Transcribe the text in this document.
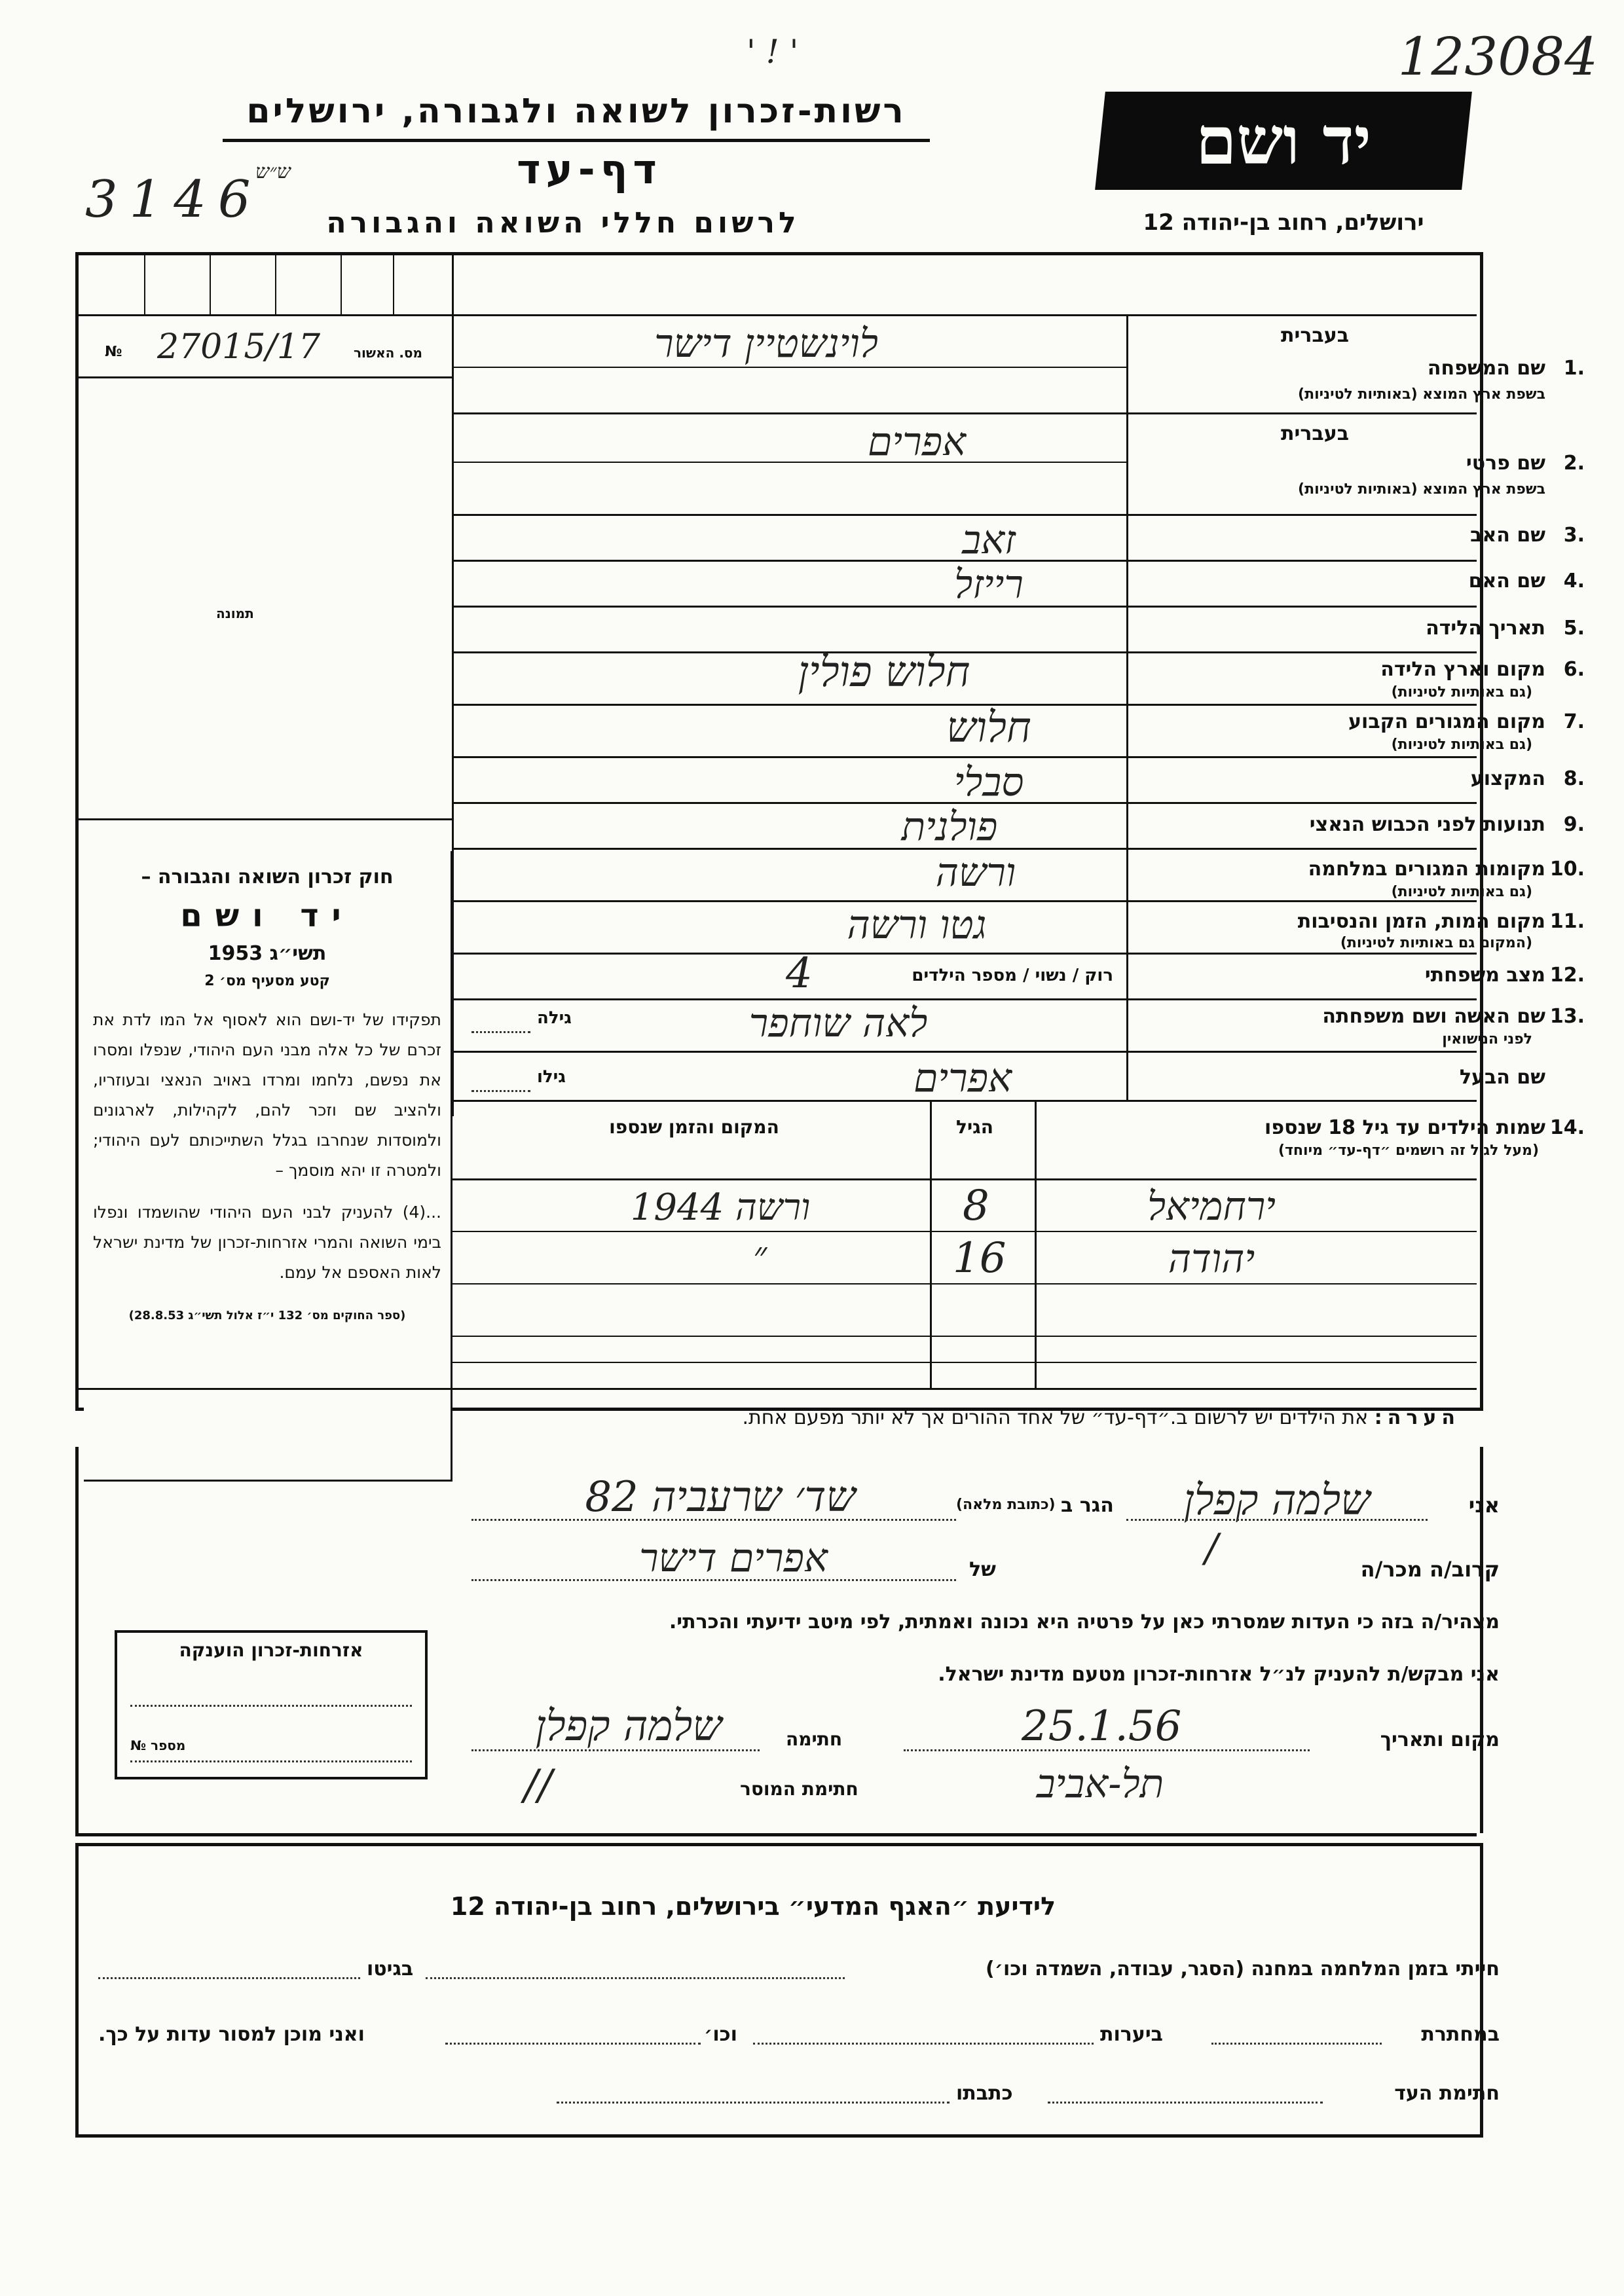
123084
' ! '
3146
ש״ש
רשות-זכרון לשואה ולגבורה, ירושלים	יד ושם
דף-עד
לרשום חללי השואה והגבורה	ירושלים, רחוב בן-יהודה 12
מס. האשור
27015/17
№
תמונה
חוק זכרון השואה והגבורה –
יד ושם
תשי״ג 1953
קטע מסעיף מס׳ 2
תפקידו של יד-ושם הוא לאסוף אל המו לדת את זכרם של כל אלה מבני העם היהודי, שנפלו ומסרו את נפשם, נלחמו ומרדו באויב הנאצי ובעוזריו, ולהציב שם וזכר להם, לקהילות, לארגונים ולמוסדות שנחרבו בגלל השתייכותם לעם היהודי; ולמטרה זו יהא מוסמך –
...(4) להעניק לבני העם היהודי שהושמדו ונפלו בימי השואה והמרי אזרחות-זכרון של מדינת ישראל לאות האספם אל עמם.
(ספר החוקים מס׳ 132 י״ז אלול תשי״ג 28.8.53)
בעברית
1.
שם המשפחה
בשפת ארץ המוצא (באותיות לטיניות)
לוינשטיין דישר
בעברית
2.
שם פרטי
בשפת ארץ המוצא (באותיות לטיניות)
אפרים
3.
שם האב
זאב
4.
שם האם
רייזל
5.
תאריך הלידה
6.
מקום וארץ הלידה
(גם באותיות לטיניות)
חלוש פולין
7.
מקום המגורים הקבוע
(גם באותיות לטיניות)
חלוש
8.
המקצוע
סבלי
9.
תנועות לפני הכבוש הנאצי
פולנית
10.
מקומות המגורים במלחמה
(גם באותיות לטיניות)
ורשה
11.
מקום המות, הזמן והנסיבות
(המקום גם באותיות לטיניות)
גטו ורשה
12.
מצב משפחתי
רוק / נשוי / מספר הילדים
4
13.
שם האשה ושם משפחתה
לפני הנישואין
לאה שוחפר
גילה
שם הבעל
אפרים
גילו
14.
שמות הילדים עד גיל 18 שנספו
(מעל לגיל זה רושמים ״דף-עד״ מיוחד)
הגיל
המקום והזמן שנספו
ירחמיאל
8
ורשה 1944
יהודה
16
״
הערה: את הילדים יש לרשום ב.״דף-עד״ של אחד ההורים אך לא יותר מפעם אחת.
אני
שלמה קפלן
הגר ב
(כתובת מלאה)
שד׳ שרעביה 82
קרוב/ה מכר/ה
/
של
אפרים דישר
מצהיר/ה בזה כי העדות שמסרתי כאן על פרטיה היא נכונה ואמתית, לפי מיטב ידיעתי והכרתי.
אני מבקש/ת להעניק לנ״ל אזרחות-זכרון מטעם מדינת ישראל.
מקום ותאריך
25.1.56
תל-אביב
חתימה
שלמה קפלן
חתימת המוסר
//
אזרחות-זכרון הוענקה
מספר №
לידיעת ״האגף המדעי״ בירושלים, רחוב בן-יהודה 12
חייתי בזמן המלחמה במחנה (הסגר, עבודה, השמדה וכו׳)
בגיטו
במחתרת
ביערות
וכו׳
ואני מוכן למסור עדות על כך.
חתימת העד
כתבתו
